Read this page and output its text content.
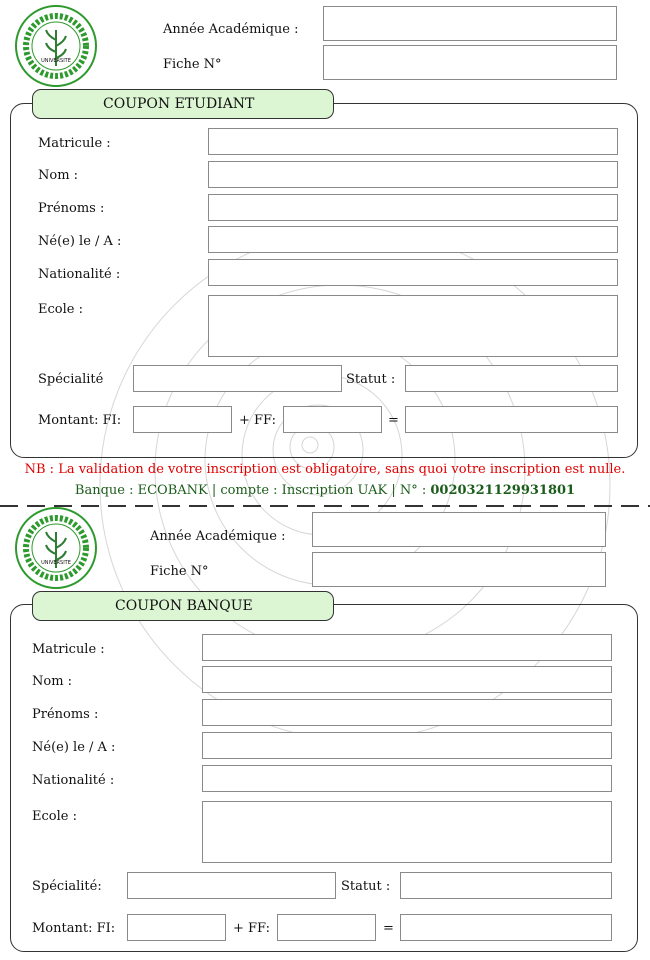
UNIVERSITE
Année Académique :
Fiche N°
COUPON ETUDIANT
Matricule :
Nom :
Prénoms :
Né(e) le / A :
Nationalité :
Ecole :
Spécialité	Statut :
Montant: FI:	+ FF:	=
NB : La validation de votre inscription est obligatoire, sans quoi votre inscription est nulle.
Banque : ECOBANK | compte : Inscription UAK | N° : 0020321129931801
UNIVERSITE
Année Académique :
Fiche N°
COUPON BANQUE
Matricule :
Nom :
Prénoms :
Né(e) le / A :
Nationalité :
Ecole :
Spécialité:	Statut :
Montant: FI:	+ FF:	=
